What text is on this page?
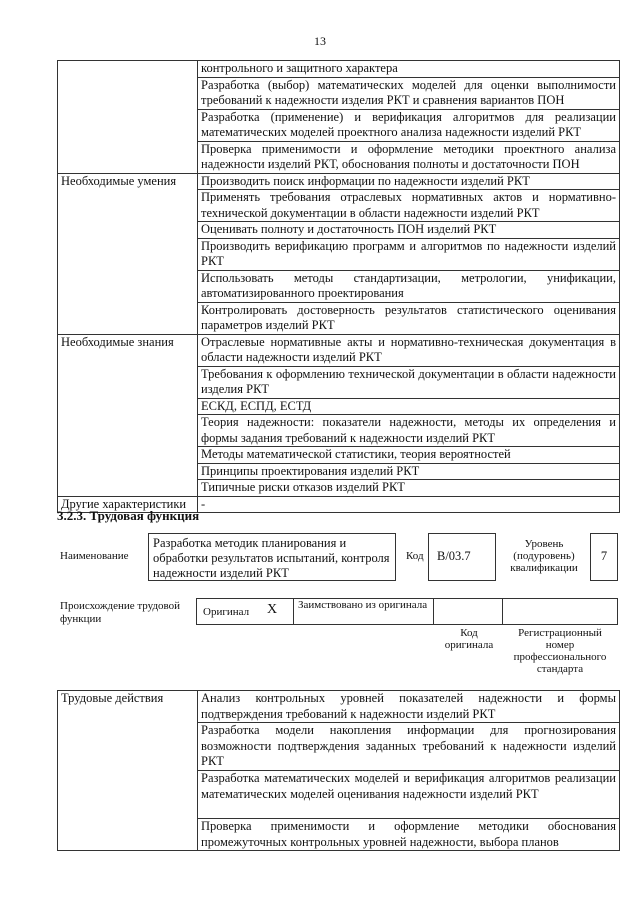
13
	контрольного и защитного характера
	Разработка (выбор) математических моделей для оценки выполнимости требований к надежности изделия РКТ и сравнения вариантов ПОН
	Разработка (применение) и верификация алгоритмов для реализации математических моделей проектного анализа надежности изделий РКТ
	Проверка применимости и оформление методики проектного анализа надежности изделий РКТ, обоснования полноты и достаточности ПОН
Необходимые умения	Производить поиск информации по надежности изделий РКТ
	Применять требования отраслевых нормативных актов и нормативно-технической документации в области надежности изделий РКТ
	Оценивать полноту и достаточность ПОН изделий РКТ
	Производить верификацию программ и алгоритмов по надежности изделий РКТ
	Использовать методы стандартизации, метрологии, унификации, автоматизированного проектирования
	Контролировать достоверность результатов статистического оценивания параметров изделий РКТ
Необходимые знания	Отраслевые нормативные акты и нормативно-техническая документация в области надежности изделий РКТ
	Требования к оформлению технической документации в области надежности изделия РКТ
	ЕСКД, ЕСПД, ЕСТД
	Теория надежности: показатели надежности, методы их определения и формы задания требований к надежности изделий РКТ
	Методы математической статистики, теория вероятностей
	Принципы проектирования изделий РКТ
	Типичные риски отказов изделий РКТ
Другие характеристики	-
3.2.3. Трудовая функция
Наименование
Разработка методик планирования и обработки результатов испытаний, контроля надежности изделий РКТ
Код	B/03.7
Уровень (подуровень) квалификации
7
Происхождение трудовой функции
Оригинал X	Заимствовано из оригинала
Код оригинала
Регистрационный номер профессионального стандарта
Трудовые действия	Анализ контрольных уровней показателей надежности и формы подтверждения требований к надежности изделий РКТ
Разработка модели накопления информации для прогнозирования возможности подтверждения заданных требований к надежности изделий РКТ
Разработка математических моделей и верификация алгоритмов реализации математических моделей оценивания надежности изделий РКТ
Проверка применимости и оформление методики обоснования промежуточных контрольных уровней надежности, выбора планов
